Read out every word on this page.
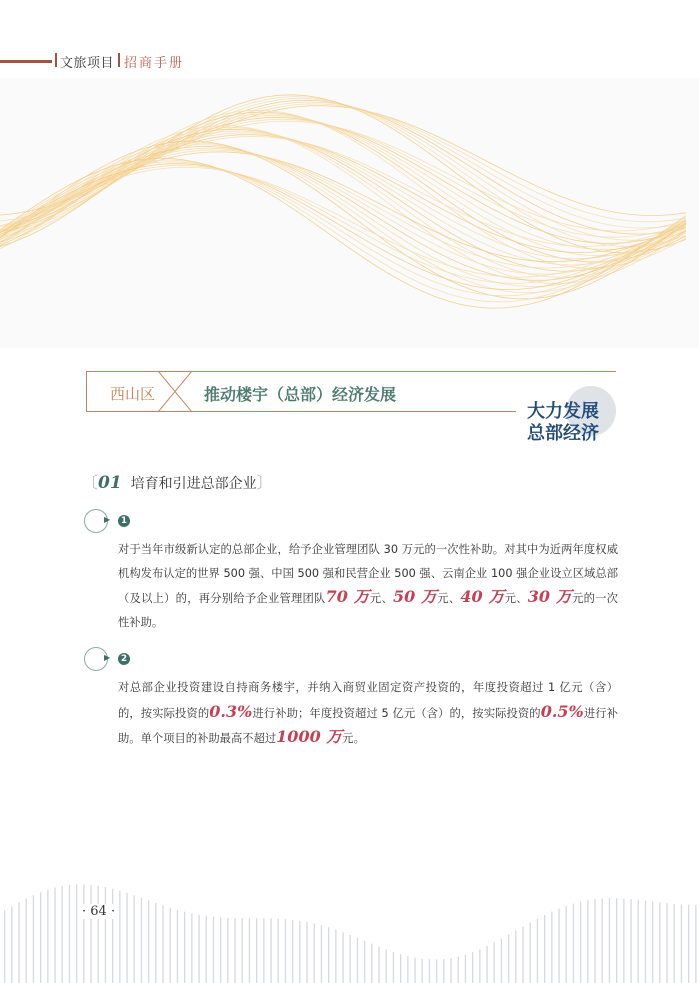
文旅项目 招商手册
西山区	推动楼宇（总部）经济发展
大力发展
总部经济
〔01 培育和引进总部企业〕
▶	1
对于当年市级新认定的总部企业，给予企业管理团队 30 万元的一次性补助。对其中为近两年度权威机构发布认定的世界 500 强、中国 500 强和民营企业 500 强、云南企业 100 强企业设立区域总部（及以上）的，再分别给予企业管理团队70 万元、50 万元、40 万元、30 万元的一次性补助。
▶	2
对总部企业投资建设自持商务楼宇，并纳入商贸业固定资产投资的，年度投资超过 1 亿元（含）的，按实际投资的0.3%进行补助；年度投资超过 5 亿元（含）的，按实际投资的0.5%进行补助。单个项目的补助最高不超过1000 万元。
· 64 ·
